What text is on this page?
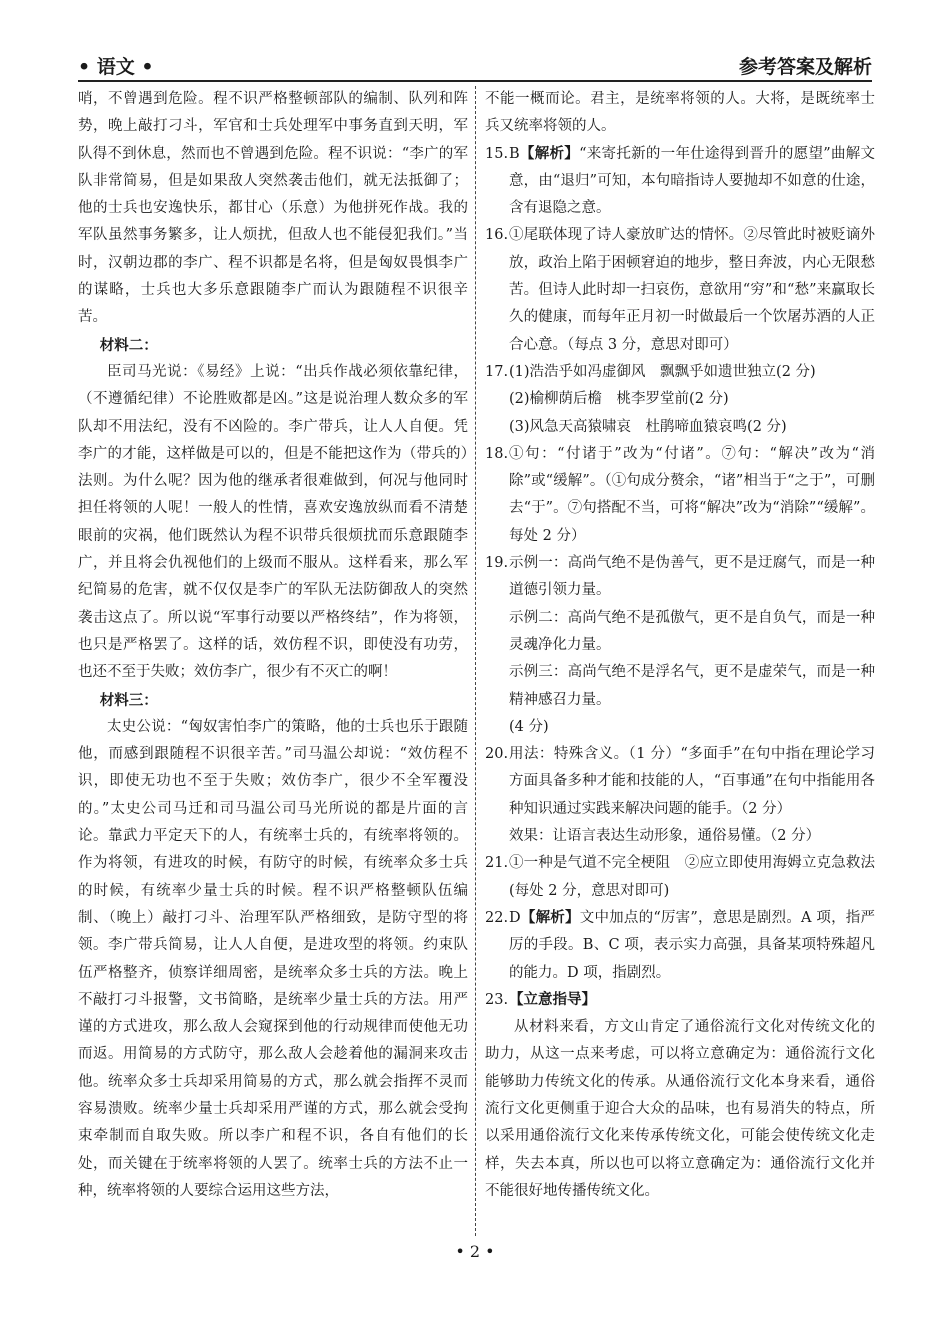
• 语文 •	参考答案及解析

哨，不曾遇到危险。程不识严格整顿部队的编制、队列和阵势，晚上敲打刁斗，军官和士兵处理军中事务直到天明，军队得不到休息，然而也不曾遇到危险。程不识说：“李广的军队非常简易，但是如果敌人突然袭击他们，就无法抵御了；他的士兵也安逸快乐，都甘心（乐意）为他拼死作战。我的军队虽然事务繁多，让人烦扰，但敌人也不能侵犯我们。”当时，汉朝边郡的李广、程不识都是名将，但是匈奴畏惧李广的谋略，士兵也大多乐意跟随李广而认为跟随程不识很辛苦。

材料二：

臣司马光说：《易经》上说：“出兵作战必须依靠纪律，（不遵循纪律）不论胜败都是凶。”这是说治理人数众多的军队却不用法纪，没有不凶险的。李广带兵，让人人自便。凭李广的才能，这样做是可以的，但是不能把这作为（带兵的）法则。为什么呢？因为他的继承者很难做到，何况与他同时担任将领的人呢！一般人的性情，喜欢安逸放纵而看不清楚眼前的灾祸，他们既然认为程不识带兵很烦扰而乐意跟随李广，并且将会仇视他们的上级而不服从。这样看来，那么军纪简易的危害，就不仅仅是李广的军队无法防御敌人的突然袭击这点了。所以说“军事行动要以严格终结”，作为将领，也只是严格罢了。这样的话，效仿程不识，即使没有功劳，也还不至于失败；效仿李广，很少有不灭亡的啊！

材料三：

太史公说：“匈奴害怕李广的策略，他的士兵也乐于跟随他，而感到跟随程不识很辛苦。”司马温公却说：“效仿程不识，即使无功也不至于失败；效仿李广，很少不全军覆没的。”太史公司马迁和司马温公司马光所说的都是片面的言论。靠武力平定天下的人，有统率士兵的，有统率将领的。作为将领，有进攻的时候，有防守的时候，有统率众多士兵的时候，有统率少量士兵的时候。程不识严格整顿队伍编制、（晚上）敲打刁斗、治理军队严格细致，是防守型的将领。李广带兵简易，让人人自便，是进攻型的将领。约束队伍严格整齐，侦察详细周密，是统率众多士兵的方法。晚上不敲打刁斗报警，文书简略，是统率少量士兵的方法。用严谨的方式进攻，那么敌人会窥探到他的行动规律而使他无功而返。用简易的方式防守，那么敌人会趁着他的漏洞来攻击他。统率众多士兵却采用简易的方式，那么就会指挥不灵而容易溃败。统率少量士兵却采用严谨的方式，那么就会受拘束牵制而自取失败。所以李广和程不识，各自有他们的长处，而关键在于统率将领的人罢了。统率士兵的方法不止一种，统率将领的人要综合运用这些方法，

不能一概而论。君主，是统率将领的人。大将，是既统率士兵又统率将领的人。

15. B【解析】“来寄托新的一年仕途得到晋升的愿望”曲解文意，由“退归”可知，本句暗指诗人要抛却不如意的仕途，含有退隐之意。
16. ①尾联体现了诗人豪放旷达的情怀。②尽管此时被贬谪外放，政治上陷于困顿窘迫的地步，整日奔波，内心无限愁苦。但诗人此时却一扫哀伤，意欲用“穷”和“愁”来赢取长久的健康，而每年正月初一时做最后一个饮屠苏酒的人正合心意。（每点 3 分，意思对即可）
17. (1)浩浩乎如冯虚御风　飘飘乎如遗世独立(2 分)
(2)榆柳荫后檐　桃李罗堂前(2 分)
(3)风急天高猿啸哀　杜鹃啼血猿哀鸣(2 分)
18. ①句：“付诸于”改为“付诸”。⑦句：“解决”改为“消除”或“缓解”。（①句成分赘余，“诸”相当于“之于”，可删去“于”。⑦句搭配不当，可将“解决”改为“消除”“缓解”。每处 2 分）
19. 示例一：高尚气绝不是伪善气，更不是迂腐气，而是一种道德引领力量。
示例二：高尚气绝不是孤傲气，更不是自负气，而是一种灵魂净化力量。
示例三：高尚气绝不是浮名气，更不是虚荣气，而是一种精神感召力量。
(4 分)
20. 用法：特殊含义。（1 分）“多面手”在句中指在理论学习方面具备多种才能和技能的人，“百事通”在句中指能用各种知识通过实践来解决问题的能手。（2 分）
效果：让语言表达生动形象，通俗易懂。（2 分）
21. ①一种是气道不完全梗阻　②应立即使用海姆立克急救法　(每处 2 分，意思对即可)
22. D【解析】文中加点的“厉害”，意思是剧烈。A 项，指严厉的手段。B、C 项，表示实力高强，具备某项特殊超凡的能力。D 项，指剧烈。
23. 【立意指导】

从材料来看，方文山肯定了通俗流行文化对传统文化的助力，从这一点来考虑，可以将立意确定为：通俗流行文化能够助力传统文化的传承。从通俗流行文化本身来看，通俗流行文化更侧重于迎合大众的品味，也有易消失的特点，所以采用通俗流行文化来传承传统文化，可能会使传统文化走样，失去本真，所以也可以将立意确定为：通俗流行文化并不能很好地传播传统文化。

• 2 •
